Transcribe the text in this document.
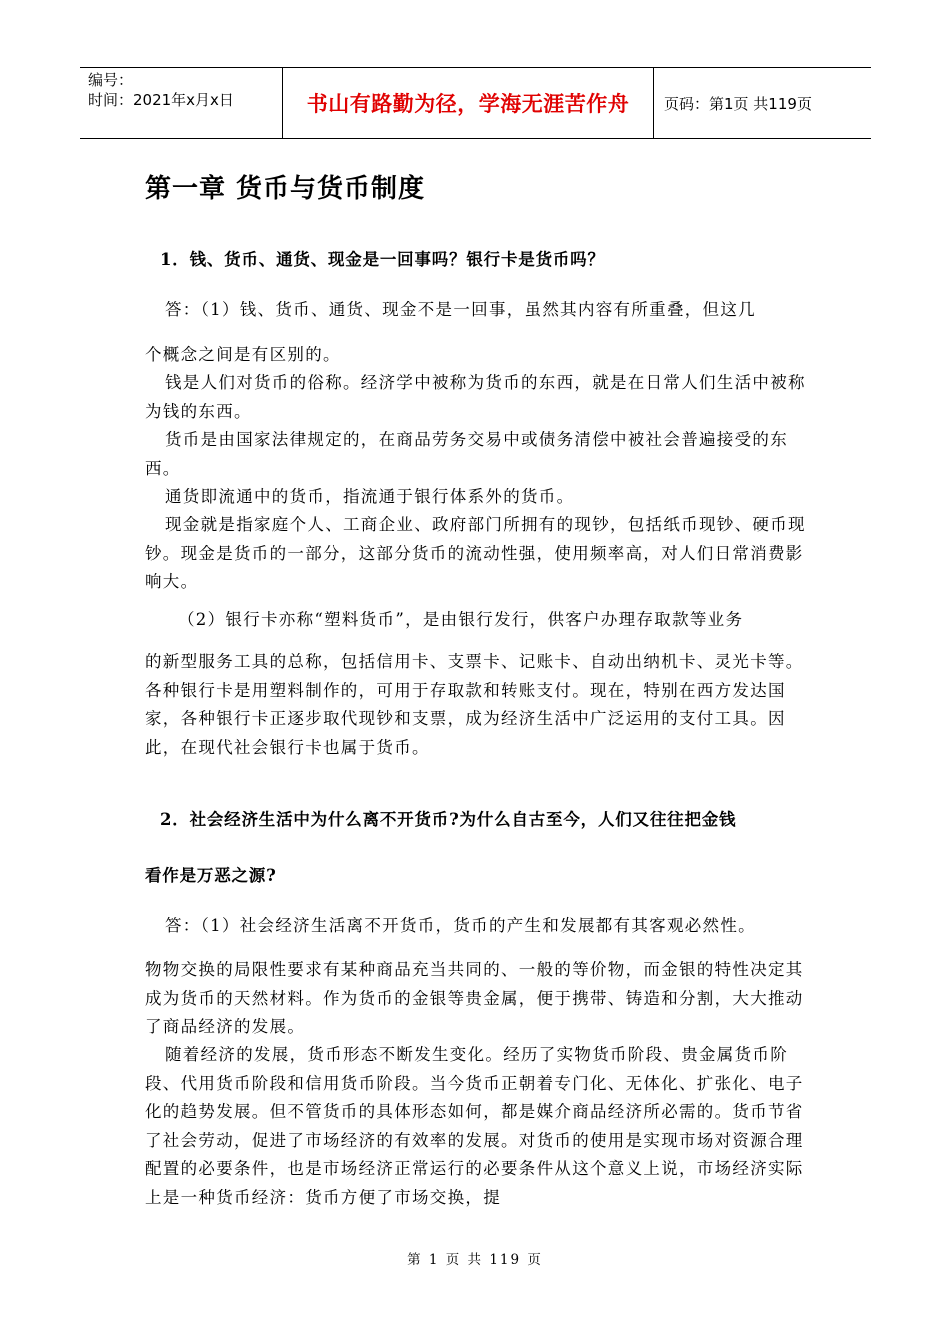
编号：
时间：2021年x月x日	书山有路勤为径，学海无涯苦作舟	页码：第1页 共119页
第一章 货币与货币制度
1．钱、货币、通货、现金是一回事吗？银行卡是货币吗？
答：（1）钱、货币、通货、现金不是一回事，虽然其内容有所重叠，但这几
个概念之间是有区别的。
钱是人们对货币的俗称。经济学中被称为货币的东西，就是在日常人们生活中被称为钱的东西。
货币是由国家法律规定的，在商品劳务交易中或债务清偿中被社会普遍接受的东西。
通货即流通中的货币，指流通于银行体系外的货币。
现金就是指家庭个人、工商企业、政府部门所拥有的现钞，包括纸币现钞、硬币现钞。现金是货币的一部分，这部分货币的流动性强，使用频率高，对人们日常消费影响大。
（2）银行卡亦称“塑料货币”，是由银行发行，供客户办理存取款等业务
的新型服务工具的总称，包括信用卡、支票卡、记账卡、自动出纳机卡、灵光卡等。各种银行卡是用塑料制作的，可用于存取款和转账支付。现在，特别在西方发达国家，各种银行卡正逐步取代现钞和支票，成为经济生活中广泛运用的支付工具。因此，在现代社会银行卡也属于货币。
2．社会经济生活中为什么离不开货币?为什么自古至今，人们又往往把金钱
看作是万恶之源?
答：（1）社会经济生活离不开货币，货币的产生和发展都有其客观必然性。
物物交换的局限性要求有某种商品充当共同的、一般的等价物，而金银的特性决定其成为货币的天然材料。作为货币的金银等贵金属，便于携带、铸造和分割，大大推动了商品经济的发展。
随着经济的发展，货币形态不断发生变化。经历了实物货币阶段、贵金属货币阶段、代用货币阶段和信用货币阶段。当今货币正朝着专门化、无体化、扩张化、电子化的趋势发展。但不管货币的具体形态如何，都是媒介商品经济所必需的。货币节省了社会劳动，促进了市场经济的有效率的发展。对货币的使用是实现市场对资源合理配置的必要条件，也是市场经济正常运行的必要条件从这个意义上说，市场经济实际上是一种货币经济：货币方便了市场交换，提
第 1 页 共 119 页
